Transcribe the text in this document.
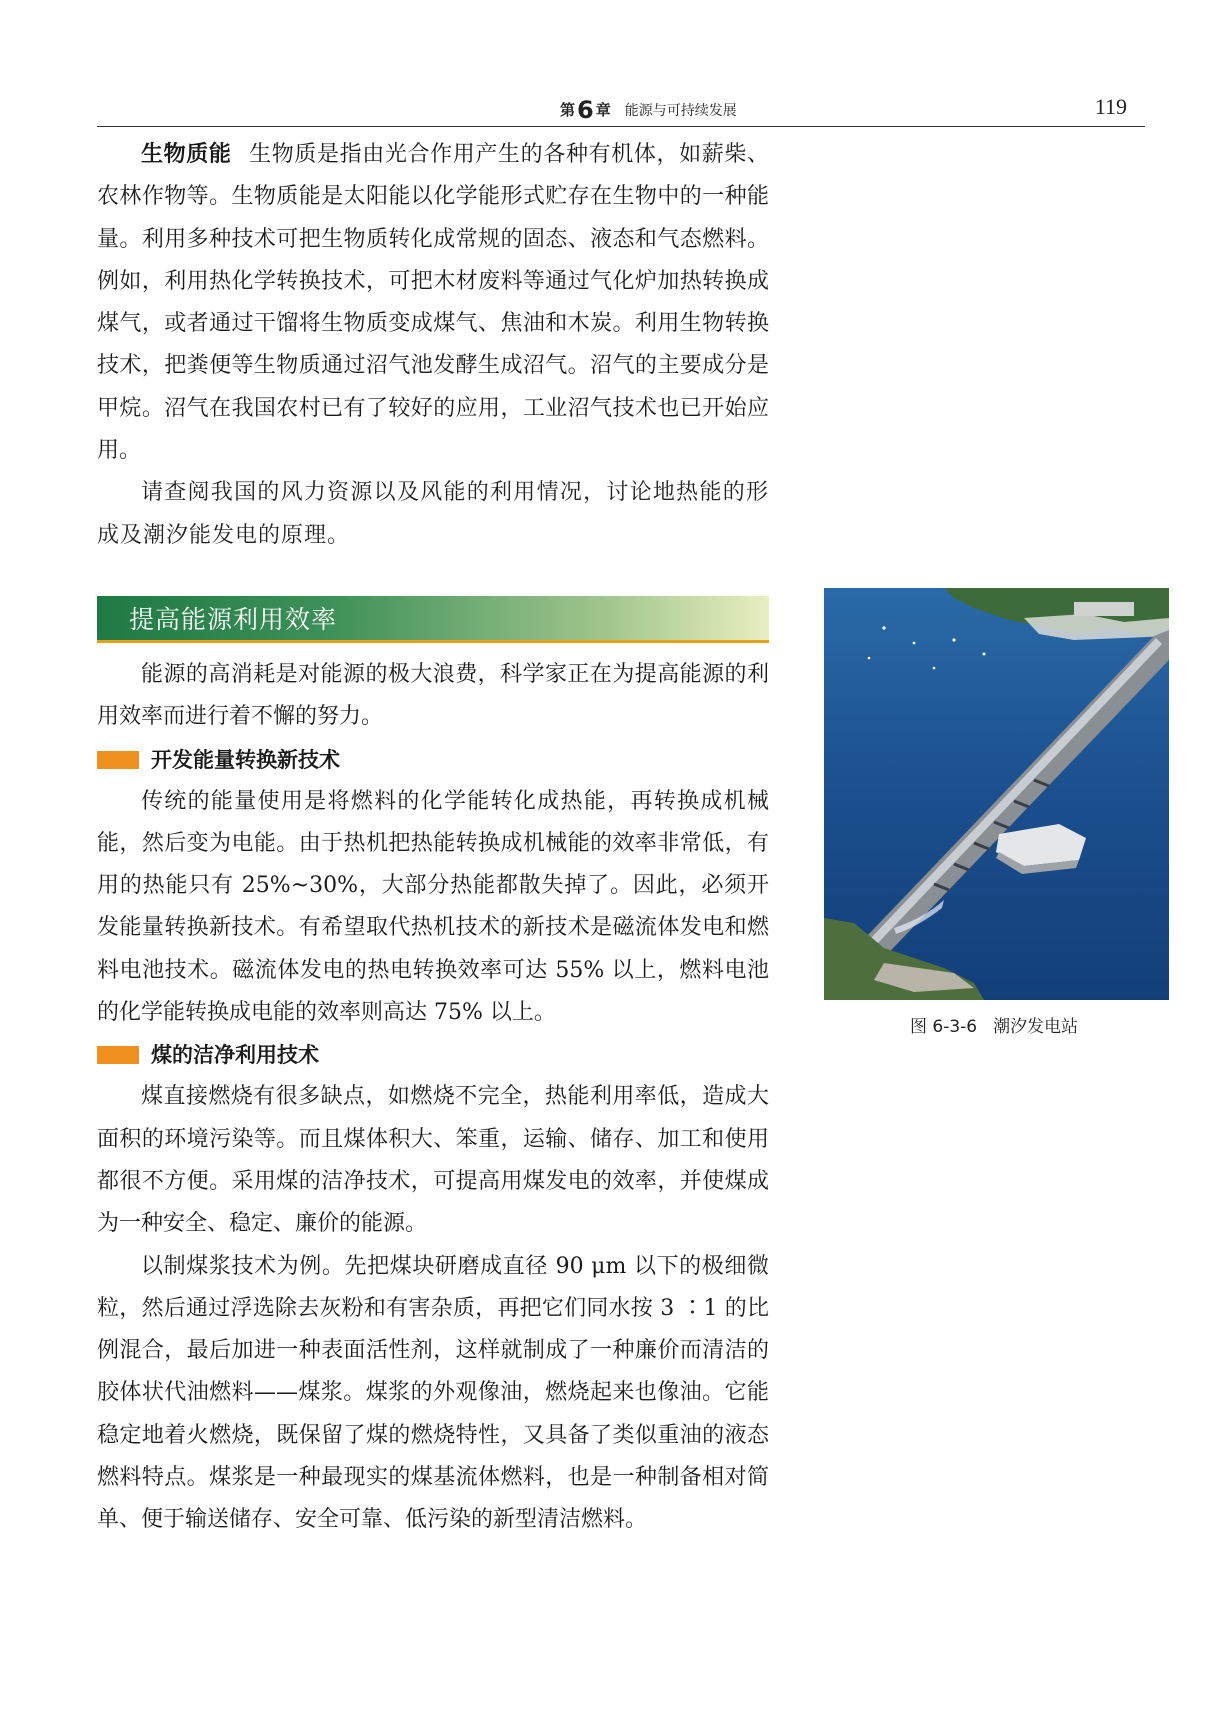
第6 章 能源与可持续发展	119

生物质能 生物质是指由光合作用产生的各种有机体，如薪柴、农林作物等。生物质能是太阳能以化学能形式贮存在生物中的一种能量。利用多种技术可把生物质转化成常规的固态、液态和气态燃料。例如，利用热化学转换技术，可把木材废料等通过气化炉加热转换成煤气，或者通过干馏将生物质变成煤气、焦油和木炭。利用生物转换技术，把粪便等生物质通过沼气池发酵生成沼气。沼气的主要成分是甲烷。沼气在我国农村已有了较好的应用，工业沼气技术也已开始应用。

请查阅我国的风力资源以及风能的利用情况，讨论地热能的形成及潮汐能发电的原理。

提高能源利用效率

能源的高消耗是对能源的极大浪费，科学家正在为提高能源的利用效率而进行着不懈的努力。

开发能量转换新技术

传统的能量使用是将燃料的化学能转化成热能，再转换成机械能，然后变为电能。由于热机把热能转换成机械能的效率非常低，有用的热能只有 25%~30%，大部分热能都散失掉了。因此，必须开发能量转换新技术。有希望取代热机技术的新技术是磁流体发电和燃料电池技术。磁流体发电的热电转换效率可达 55% 以上，燃料电池的化学能转换成电能的效率则高达 75% 以上。

煤的洁净利用技术

煤直接燃烧有很多缺点，如燃烧不完全，热能利用率低，造成大面积的环境污染等。而且煤体积大、笨重，运输、储存、加工和使用都很不方便。采用煤的洁净技术，可提高用煤发电的效率，并使煤成为一种安全、稳定、廉价的能源。

以制煤浆技术为例。先把煤块研磨成直径 90 μm 以下的极细微粒，然后通过浮选除去灰粉和有害杂质，再把它们同水按 3 ∶1 的比例混合，最后加进一种表面活性剂，这样就制成了一种廉价而清洁的胶体状代油燃料——煤浆。煤浆的外观像油，燃烧起来也像油。它能稳定地着火燃烧，既保留了煤的燃烧特性，又具备了类似重油的液态燃料特点。煤浆是一种最现实的煤基流体燃料，也是一种制备相对简单、便于输送储存、安全可靠、低污染的新型清洁燃料。

图 6-3-6 潮汐发电站
